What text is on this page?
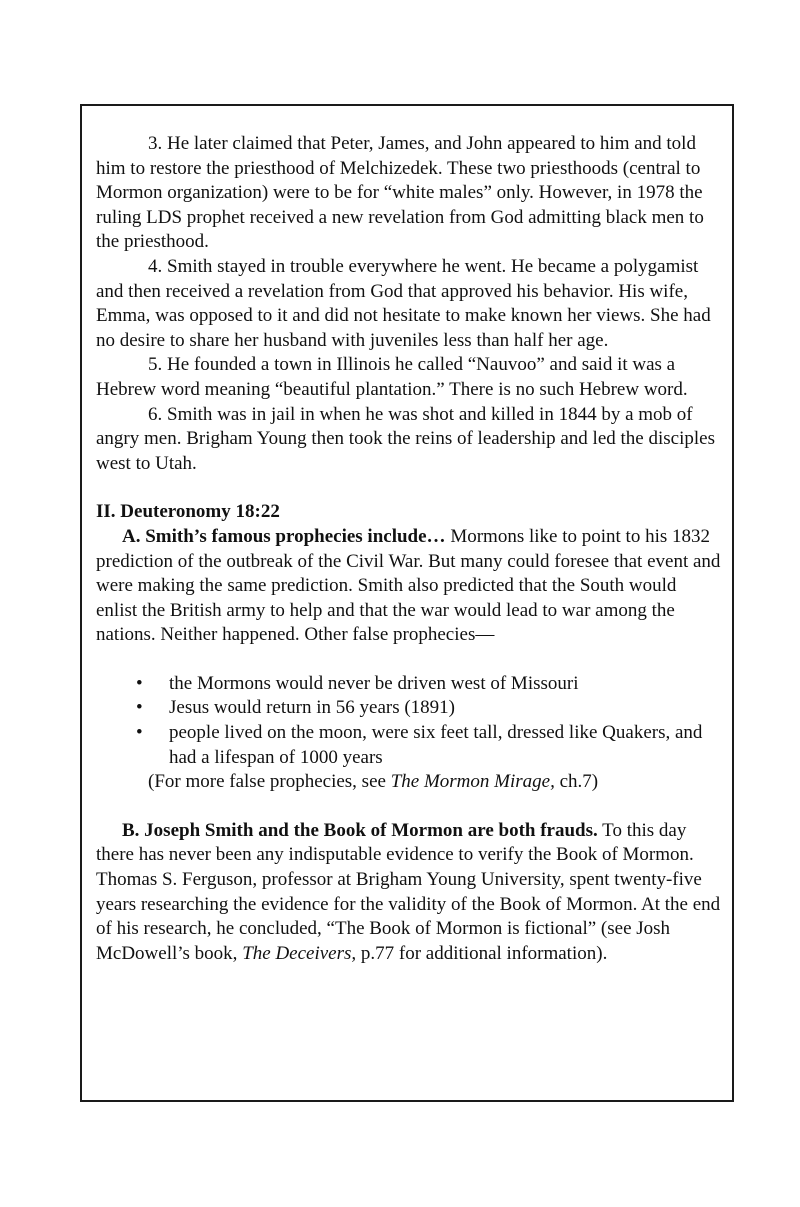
3. He later claimed that Peter, James, and John appeared to him and told him to restore the priesthood of Melchizedek. These two priesthoods (central to Mormon organization) were to be for “white males” only. However, in 1978 the ruling LDS prophet received a new revelation from God admitting black men to the priesthood.

4. Smith stayed in trouble everywhere he went. He became a polygamist and then received a revelation from God that approved his behavior. His wife, Emma, was opposed to it and did not hesitate to make known her views. She had no desire to share her husband with juveniles less than half her age.

5. He founded a town in Illinois he called “Nauvoo” and said it was a Hebrew word meaning “beautiful plantation.” There is no such Hebrew word.

6. Smith was in jail in when he was shot and killed in 1844 by a mob of angry men. Brigham Young then took the reins of leadership and led the disciples west to Utah.

II. Deuteronomy 18:22

A. Smith’s famous prophecies include… Mormons like to point to his 1832 prediction of the outbreak of the Civil War. But many could foresee that event and were making the same prediction. Smith also predicted that the South would enlist the British army to help and that the war would lead to war among the nations. Neither happened. Other false prophecies—

• the Mormons would never be driven west of Missouri
• Jesus would return in 56 years (1891)
• people lived on the moon, were six feet tall, dressed like Quakers, and had a lifespan of 1000 years

(For more false prophecies, see The Mormon Mirage, ch.7)

B. Joseph Smith and the Book of Mormon are both frauds. To this day there has never been any indisputable evidence to verify the Book of Mormon. Thomas S. Ferguson, professor at Brigham Young University, spent twenty-five years researching the evidence for the validity of the Book of Mormon. At the end of his research, he concluded, “The Book of Mormon is fictional” (see Josh McDowell’s book, The Deceivers, p.77 for additional information).
